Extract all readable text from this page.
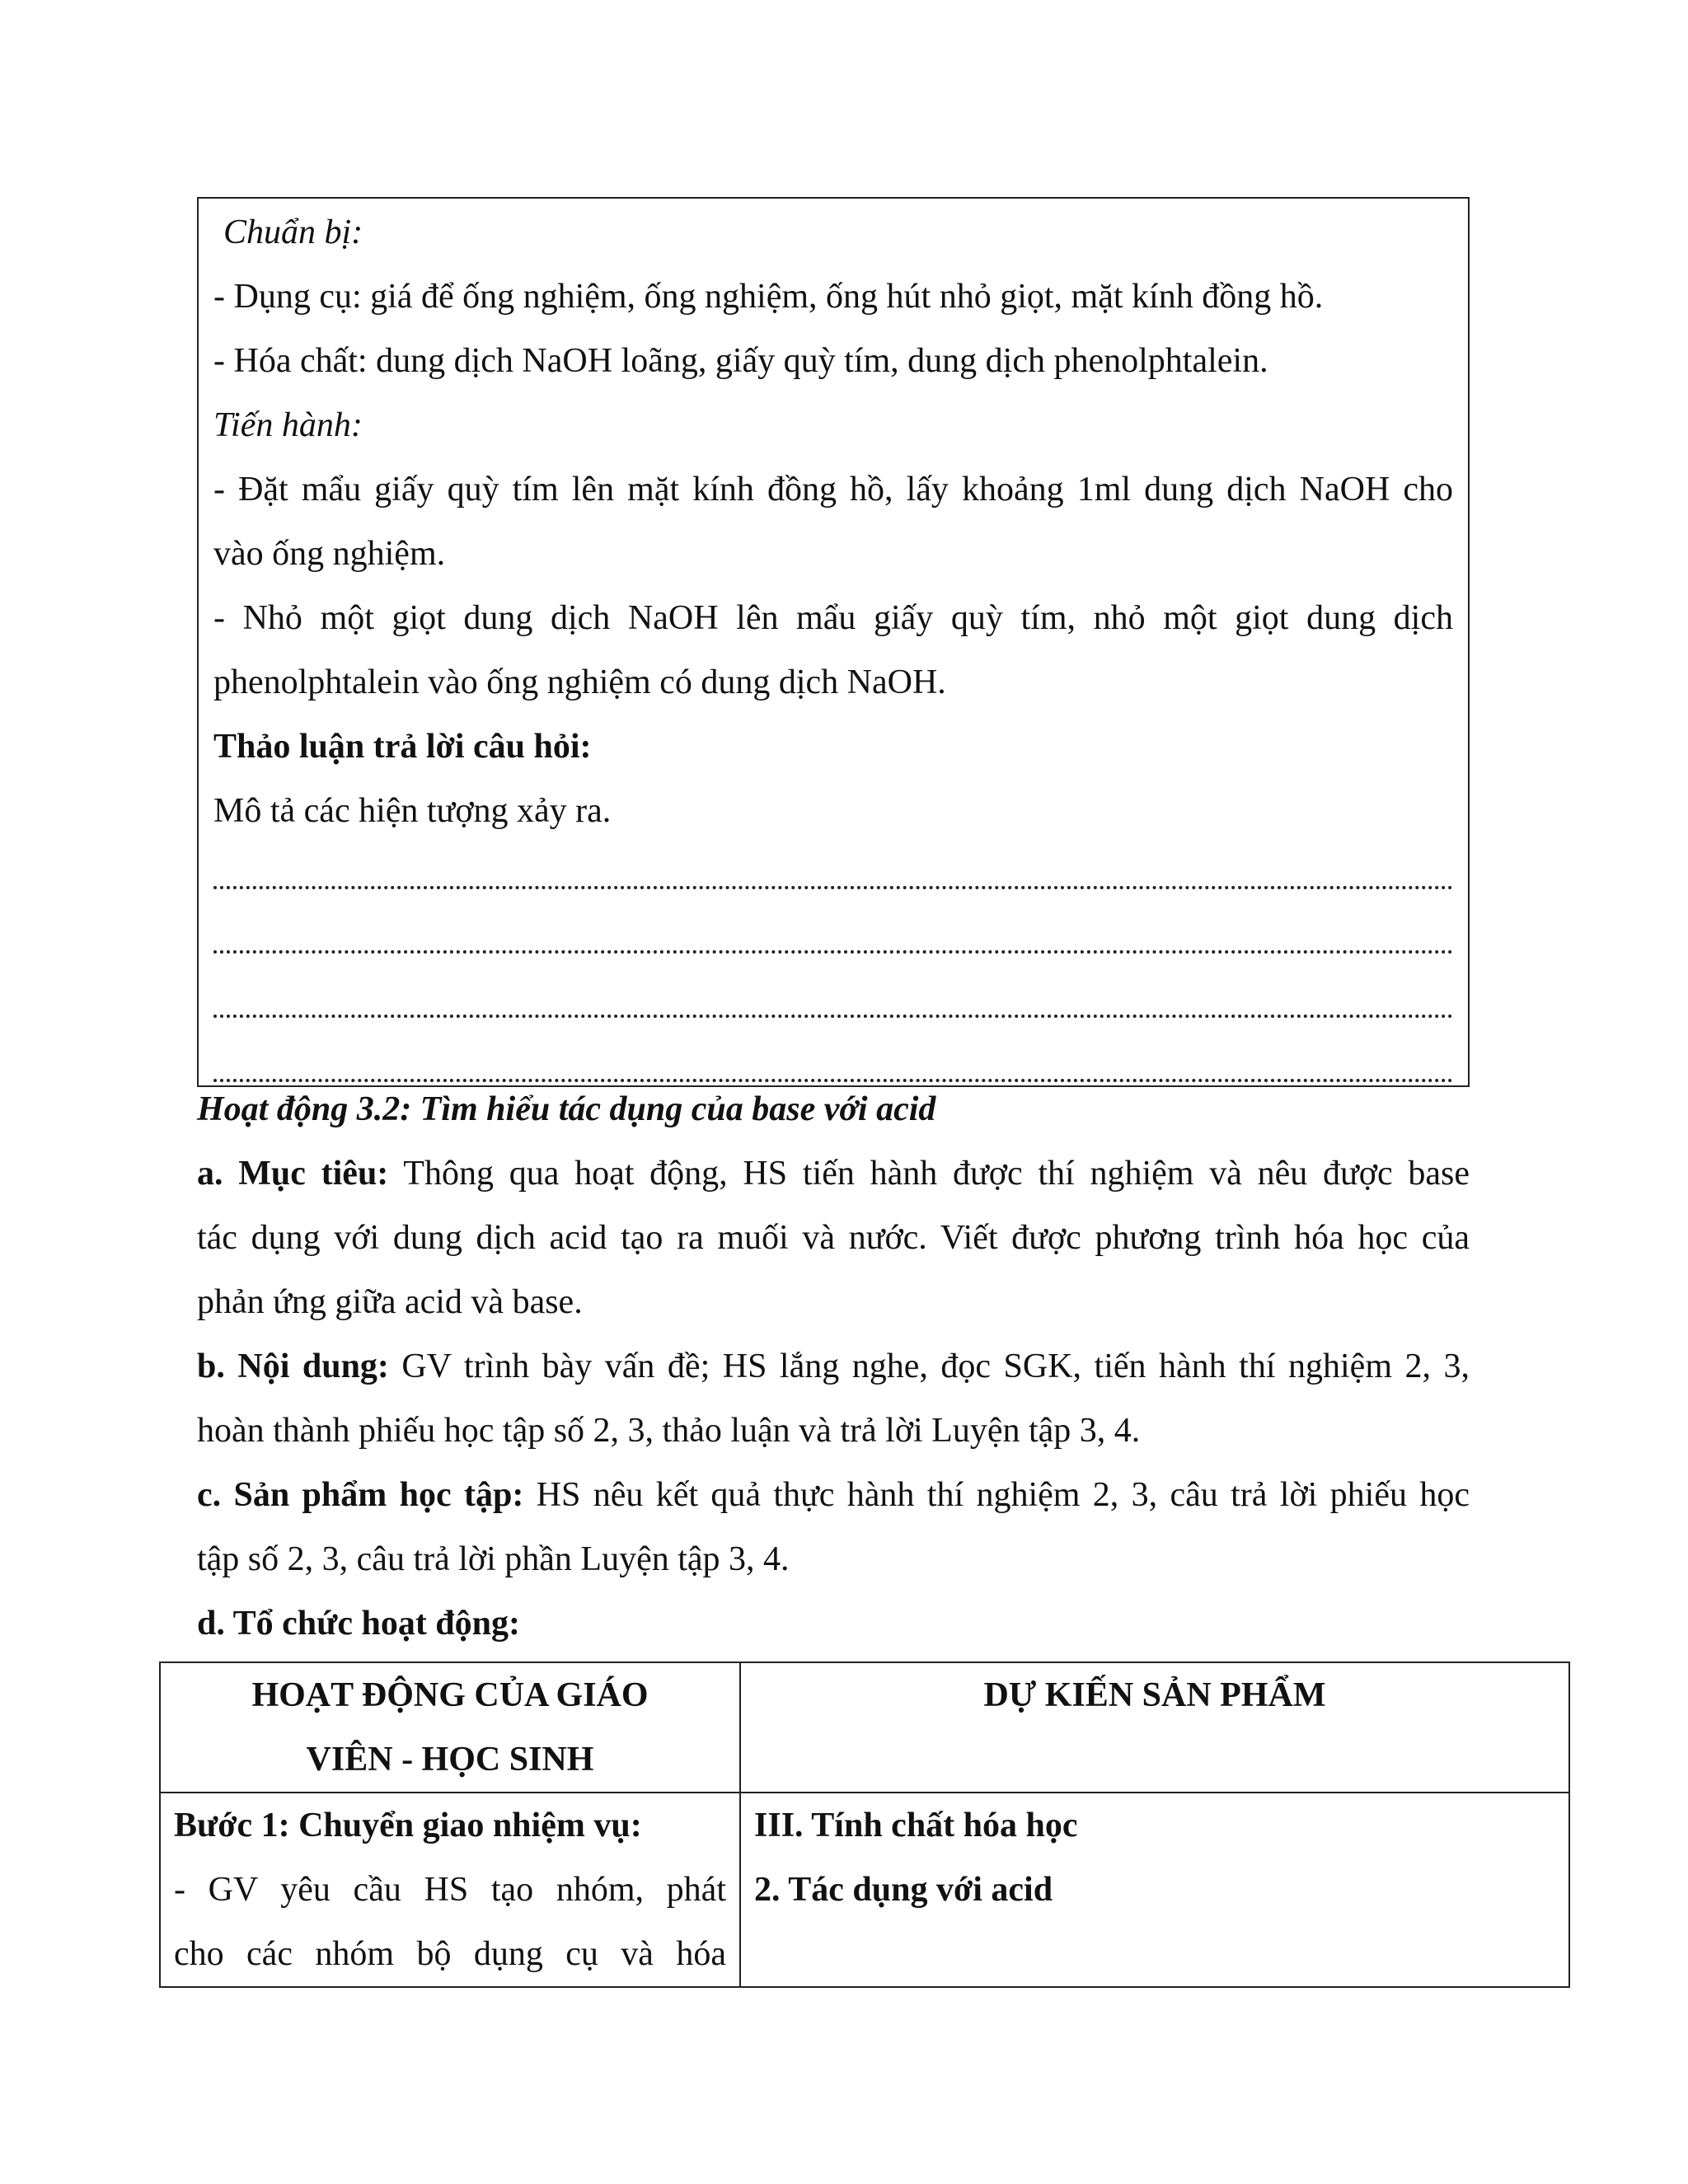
Chuẩn bị:
- Dụng cụ: giá để ống nghiệm, ống nghiệm, ống hút nhỏ giọt, mặt kính đồng hồ.
- Hóa chất: dung dịch NaOH loãng, giấy quỳ tím, dung dịch phenolphtalein.
Tiến hành:
- Đặt mẩu giấy quỳ tím lên mặt kính đồng hồ, lấy khoảng 1ml dung dịch NaOH cho
vào ống nghiệm.
- Nhỏ một giọt dung dịch NaOH lên mẩu giấy quỳ tím, nhỏ một giọt dung dịch
phenolphtalein vào ống nghiệm có dung dịch NaOH.
Thảo luận trả lời câu hỏi:
Mô tả các hiện tượng xảy ra.
Hoạt động 3.2: Tìm hiểu tác dụng của base với acid
a. Mục tiêu: Thông qua hoạt động, HS tiến hành được thí nghiệm và nêu được base
tác dụng với dung dịch acid tạo ra muối và nước. Viết được phương trình hóa học của
phản ứng giữa acid và base.
b. Nội dung: GV trình bày vấn đề; HS lắng nghe, đọc SGK, tiến hành thí nghiệm 2, 3,
hoàn thành phiếu học tập số 2, 3, thảo luận và trả lời Luyện tập 3, 4.
c. Sản phẩm học tập: HS nêu kết quả thực hành thí nghiệm 2, 3, câu trả lời phiếu học
tập số 2, 3, câu trả lời phần Luyện tập 3, 4.
d. Tổ chức hoạt động:
HOẠT ĐỘNG CỦA GIÁO
VIÊN - HỌC SINH	DỰ KIẾN SẢN PHẨM

Bước 1: Chuyển giao nhiệm vụ:
- GV yêu cầu HS tạo nhóm, phát
cho các nhóm bộ dụng cụ và hóa	III. Tính chất hóa học
2. Tác dụng với acid
